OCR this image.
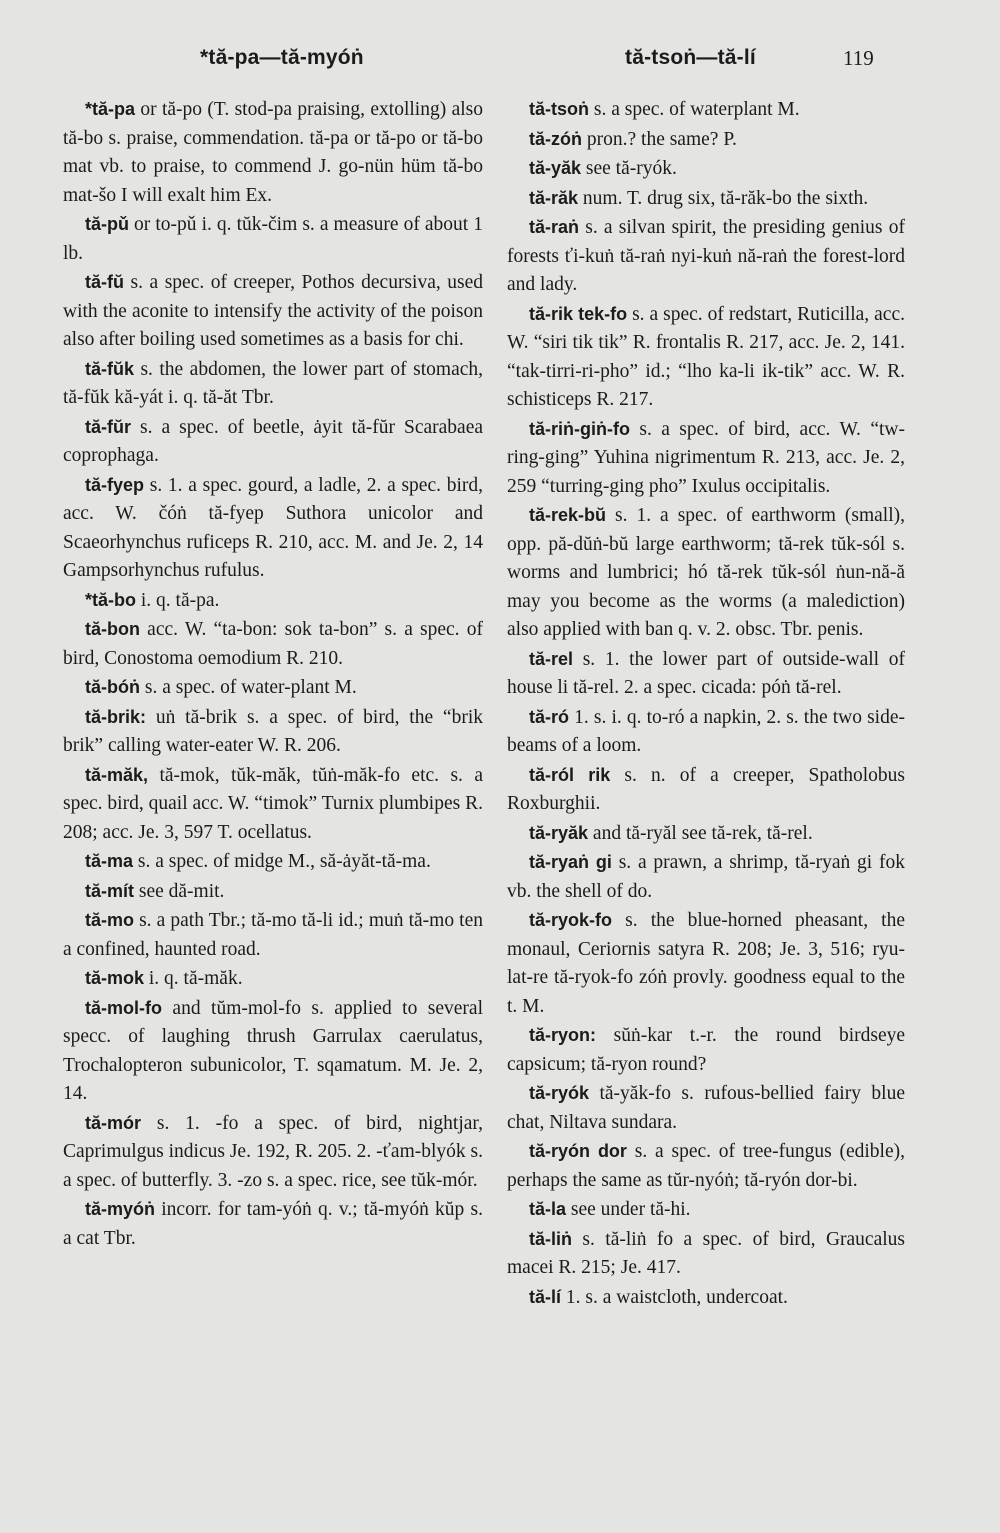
*tă-pa—tă-myóṅ	tă-tsoṅ—tă-lí	119

*tă-pa or tă-po (T. stod-pa praising, extolling) also tă-bo s. praise, commendation. tă-pa or tă-po or tă-bo mat vb. to praise, to commend J. go-nün hüm tă-bo mat-šo I will exalt him Ex.

tă-pǔ or to-pǔ i. q. tŭk-čim s. a measure of about 1 lb.

tă-fŭ s. a spec. of creeper, Pothos decursiva, used with the aconite to intensify the activity of the poison also after boiling used sometimes as a basis for chi.

tă-fŭk s. the abdomen, the lower part of stomach, tă-fŭk kă-yát i. q. tă-ăt Tbr.

tă-fŭr s. a spec. of beetle, ȧyit tă-fŭr Scarabaea coprophaga.

tă-fyep s. 1. a spec. gourd, a ladle, 2. a spec. bird, acc. W. čóṅ tă-fyep Suthora unicolor and Scaeorhynchus ruficeps R. 210, acc. M. and Je. 2, 14 Gampsorhynchus rufulus.

*tă-bo i. q. tă-pa.

tă-bon acc. W. “ta-bon: sok ta-bon” s. a spec. of bird, Conostoma oemodium R. 210.

tă-bóṅ s. a spec. of water-plant M.

tă-brik: uṅ tă-brik s. a spec. of bird, the “brik brik” calling water-eater W. R. 206.

tă-măk, tă-mok, tŭk-măk, tŭṅ-măk-fo etc. s. a spec. bird, quail acc. W. “timok” Turnix plumbipes R. 208; acc. Je. 3, 597 T. ocellatus.

tă-ma s. a spec. of midge M., să-ȧyăt-tă-ma.

tă-mít see dă-mit.

tă-mo s. a path Tbr.; tă-mo tă-li id.; muṅ tă-mo ten a confined, haunted road.

tă-mok i. q. tă-măk.

tă-mol-fo and tŭm-mol-fo s. applied to several specc. of laughing thrush Garrulax caerulatus, Trochalopteron subunicolor, T. sqamatum. M. Je. 2, 14.

tă-mór s. 1. -fo a spec. of bird, nightjar, Caprimulgus indicus Je. 192, R. 205. 2. -ťam-blyók s. a spec. of butterfly. 3. -zo s. a spec. rice, see tŭk-mór.

tă-myóṅ incorr. for tam-yóṅ q. v.; tă-myóṅ kŭp s. a cat Tbr.

tă-tsoṅ s. a spec. of waterplant M.

tă-zóṅ pron.? the same? P.

tă-yăk see tă-ryók.

tă-răk num. T. drug six, tă-răk-bo the sixth.

tă-raṅ s. a silvan spirit, the presiding genius of forests ťi-kuṅ tă-raṅ nyi-kuṅ nă-raṅ the forest-lord and lady.

tă-rik tek-fo s. a spec. of redstart, Ruticilla, acc. W. “siri tik tik” R. frontalis R. 217, acc. Je. 2, 141. “tak-tirri-ri-pho” id.; “lho ka-li ik-tik” acc. W. R. schisticeps R. 217.

tă-riṅ-giṅ-fo s. a spec. of bird, acc. W. “tw-ring-ging” Yuhina nigrimentum R. 213, acc. Je. 2, 259 “turring-ging pho” Ixulus occipitalis.

tă-rek-bŭ s. 1. a spec. of earthworm (small), opp. pă-dŭṅ-bŭ large earthworm; tă-rek tŭk-sól s. worms and lumbrici; hó tă-rek tŭk-sól ṅun-nă-ă may you become as the worms (a malediction) also applied with ban q. v. 2. obsc. Tbr. penis.

tă-rel s. 1. the lower part of outside-wall of house li tă-rel. 2. a spec. cicada: póṅ tă-rel.

tă-ró 1. s. i. q. to-ró a napkin, 2. s. the two side-beams of a loom.

tă-ról rik s. n. of a creeper, Spatholobus Roxburghii.

tă-ryăk and tă-ryăl see tă-rek, tă-rel.

tă-ryaṅ gi s. a prawn, a shrimp, tă-ryaṅ gi fok vb. the shell of do.

tă-ryok-fo s. the blue-horned pheasant, the monaul, Ceriornis satyra R. 208; Je. 3, 516; ryu-lat-re tă-ryok-fo zóṅ provly. goodness equal to the t. M.

tă-ryon: sŭṅ-kar t.-r. the round birdseye capsicum; tă-ryon round?

tă-ryók tă-yăk-fo s. rufous-bellied fairy blue chat, Niltava sundara.

tă-ryón dor s. a spec. of tree-fungus (edible), perhaps the same as tŭr-nyóṅ; tă-ryón dor-bi.

tă-la see under tă-hi.

tă-liṅ s. tă-liṅ fo a spec. of bird, Graucalus macei R. 215; Je. 417.

tă-lí 1. s. a waistcloth, undercoat.
